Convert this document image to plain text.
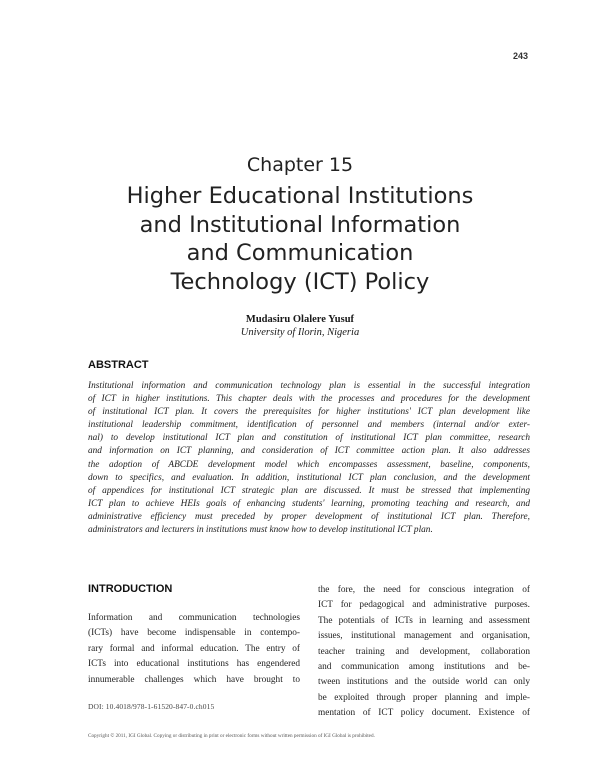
243
Chapter 15
Higher Educational Institutions
and Institutional Information
and Communication
Technology (ICT) Policy
Mudasiru Olalere Yusuf
University of Ilorin, Nigeria
ABSTRACT
Institutional information and communication technology plan is essential in the successful integration
of ICT in higher institutions. This chapter deals with the processes and procedures for the development
of institutional ICT plan. It covers the prerequisites for higher institutions' ICT plan development like
institutional leadership commitment, identification of personnel and members (internal and/or exter-
nal) to develop institutional ICT plan and constitution of institutional ICT plan committee, research
and information on ICT planning, and consideration of ICT committee action plan. It also addresses
the adoption of ABCDE development model which encompasses assessment, baseline, components,
down to specifics, and evaluation. In addition, institutional ICT plan conclusion, and the development
of appendices for institutional ICT strategic plan are discussed. It must be stressed that implementing
ICT plan to achieve HEIs goals of enhancing students' learning, promoting teaching and research, and
administrative efficiency must preceded by proper development of institutional ICT plan. Therefore,
administrators and lecturers in institutions must know how to develop institutional ICT plan.
INTRODUCTION
Information and communication technologies
(ICTs) have become indispensable in contempo-
rary formal and informal education. The entry of
ICTs into educational institutions has engendered
innumerable challenges which have brought to
the fore, the need for conscious integration of
ICT for pedagogical and administrative purposes.
The potentials of ICTs in learning and assessment
issues, institutional management and organisation,
teacher training and development, collaboration
and communication among institutions and be-
tween institutions and the outside world can only
be exploited through proper planning and imple-
mentation of ICT policy document. Existence of
DOI: 10.4018/978-1-61520-847-0.ch015
Copyright © 2011, IGI Global. Copying or distributing in print or electronic forms without written permission of IGI Global is prohibited.
